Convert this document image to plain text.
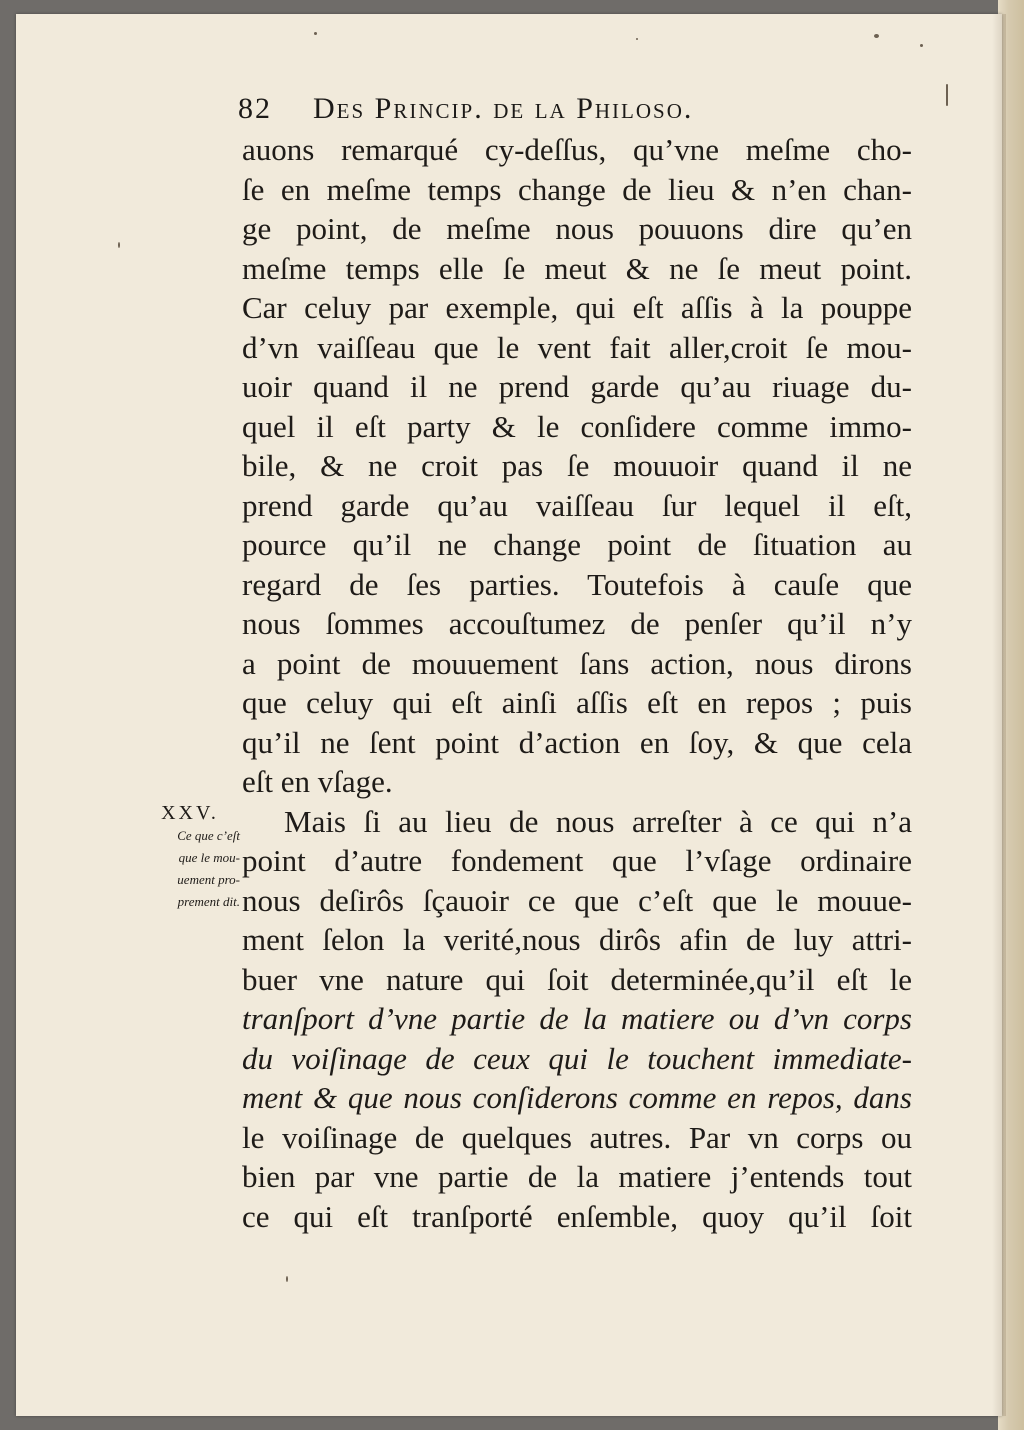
82 Des Princip. de la Philoso.
auons remarqué cy-deſſus, qu’vne meſme cho-
ſe en meſme temps change de lieu & n’en chan-
ge point, de meſme nous pouuons dire qu’en
meſme temps elle ſe meut & ne ſe meut point.
Car celuy par exemple, qui eſt aſſis à la pouppe
d’vn vaiſſeau que le vent fait aller,croit ſe mou-
uoir quand il ne prend garde qu’au riuage du-
quel il eſt party & le conſidere comme immo-
bile, & ne croit pas ſe mouuoir quand il ne
prend garde qu’au vaiſſeau ſur lequel il eſt,
pource qu’il ne change point de ſituation au
regard de ſes parties. Toutefois à cauſe que
nous ſommes accouſtumez de penſer qu’il n’y
a point de mouuement ſans action, nous dirons
que celuy qui eſt ainſi aſſis eſt en repos ; puis
qu’il ne ſent point d’action en ſoy, & que cela
eſt en vſage.
Mais ſi au lieu de nous arreſter à ce qui n’a
point d’autre fondement que l’vſage ordinaire
nous deſirôs ſçauoir ce que c’eſt que le mouue-
ment ſelon la verité,nous dirôs afin de luy attri-
buer vne nature qui ſoit determinée,qu’il eſt le
tranſport d’vne partie de la matiere ou d’vn corps
du voiſinage de ceux qui le touchent immediate-
ment & que nous conſiderons comme en repos, dans
le voiſinage de quelques autres. Par vn corps ou
bien par vne partie de la matiere j’entends tout
ce qui eſt tranſporté enſemble, quoy qu’il ſoit
XXV.
Ce que c’eſt
que le mou-
uement pro-
prement dit.
